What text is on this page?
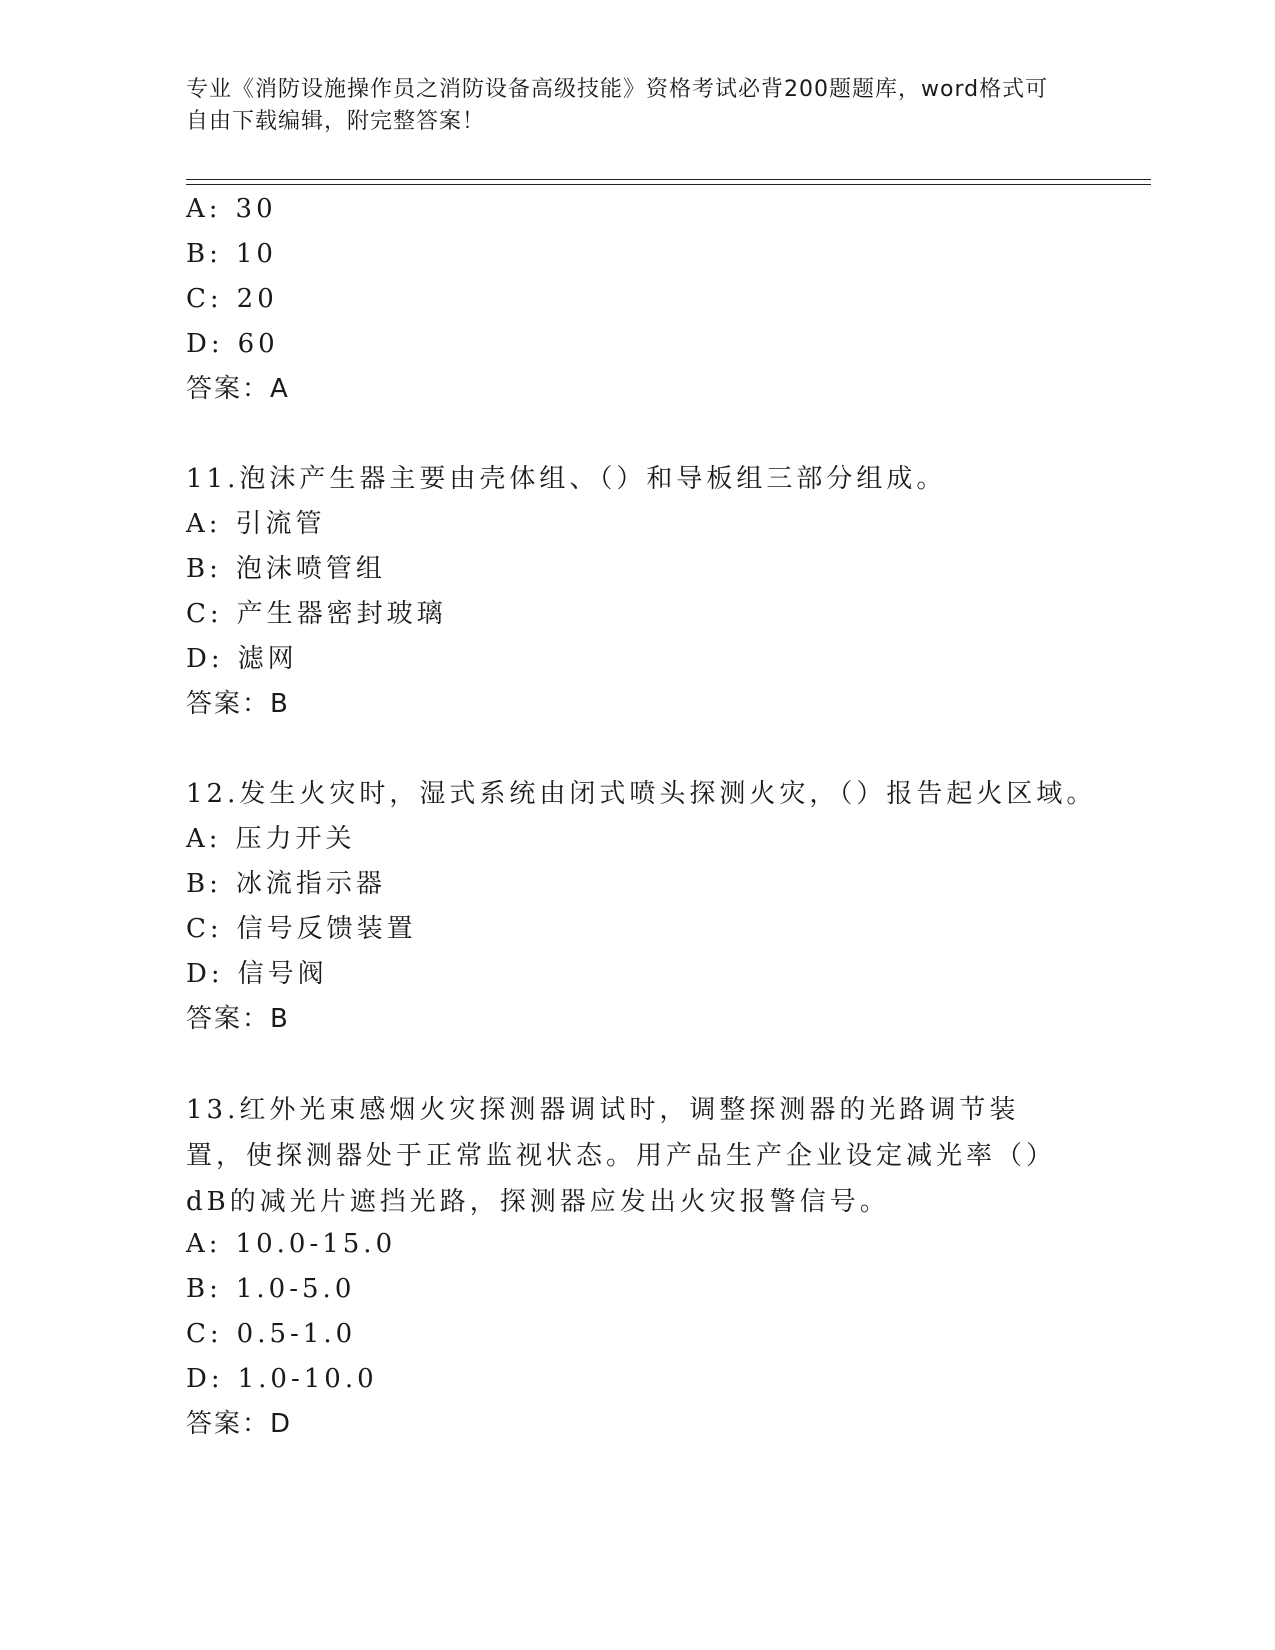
专业《消防设施操作员之消防设备高级技能》资格考试必背200题题库，word格式可自由下载编辑，附完整答案！
A: 30
B: 10
C: 20
D: 60
答案：A
11.泡沫产生器主要由壳体组、（）和导板组三部分组成。
A: 引流管
B: 泡沫喷管组
C: 产生器密封玻璃
D: 滤网
答案：B
12.发生火灾时，湿式系统由闭式喷头探测火灾，（）报告起火区域。
A: 压力开关
B: 冰流指示器
C: 信号反馈装置
D: 信号阀
答案：B
13.红外光束感烟火灾探测器调试时，调整探测器的光路调节装置，使探测器处于正常监视状态。用产品生产企业设定减光率（）dB的减光片遮挡光路，探测器应发出火灾报警信号。
A: 10.0-15.0
B: 1.0-5.0
C: 0.5-1.0
D: 1.0-10.0
答案：D
